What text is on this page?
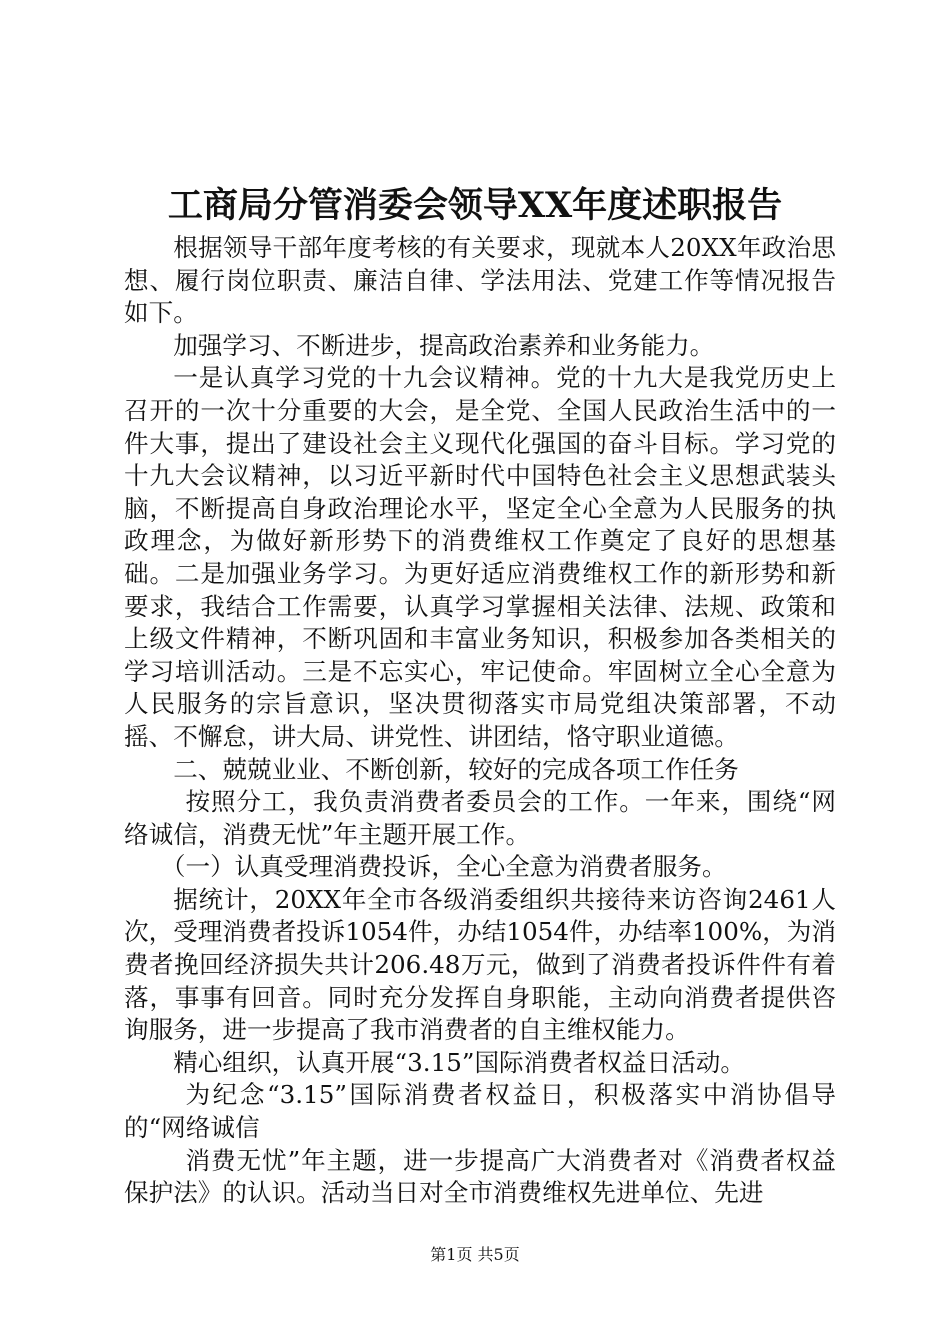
工商局分管消委会领导XX年度述职报告

根据领导干部年度考核的有关要求，现就本人20XX年政治思想、履行岗位职责、廉洁自律、学法用法、党建工作等情况报告如下。

加强学习、不断进步，提高政治素养和业务能力。

一是认真学习党的十九会议精神。党的十九大是我党历史上召开的一次十分重要的大会，是全党、全国人民政治生活中的一件大事，提出了建设社会主义现代化强国的奋斗目标。学习党的十九大会议精神，以习近平新时代中国特色社会主义思想武装头脑，不断提高自身政治理论水平，坚定全心全意为人民服务的执政理念，为做好新形势下的消费维权工作奠定了良好的思想基础。二是加强业务学习。为更好适应消费维权工作的新形势和新要求，我结合工作需要，认真学习掌握相关法律、法规、政策和上级文件精神，不断巩固和丰富业务知识，积极参加各类相关的学习培训活动。三是不忘实心，牢记使命。牢固树立全心全意为人民服务的宗旨意识，坚决贯彻落实市局党组决策部署，不动摇、不懈怠，讲大局、讲党性、讲团结，恪守职业道德。

二、兢兢业业、不断创新，较好的完成各项工作任务

按照分工，我负责消费者委员会的工作。一年来，围绕“网络诚信，消费无忧”年主题开展工作。

（一）认真受理消费投诉，全心全意为消费者服务。

据统计，20XX年全市各级消委组织共接待来访咨询2461人次，受理消费者投诉1054件，办结1054件，办结率100%，为消费者挽回经济损失共计206.48万元，做到了消费者投诉件件有着落，事事有回音。同时充分发挥自身职能，主动向消费者提供咨询服务，进一步提高了我市消费者的自主维权能力。

精心组织，认真开展“3.15”国际消费者权益日活动。

为纪念“3.15”国际消费者权益日，积极落实中消协倡导的“网络诚信

消费无忧”年主题，进一步提高广大消费者对《消费者权益保护法》的认识。活动当日对全市消费维权先进单位、先进

第1页 共5页
